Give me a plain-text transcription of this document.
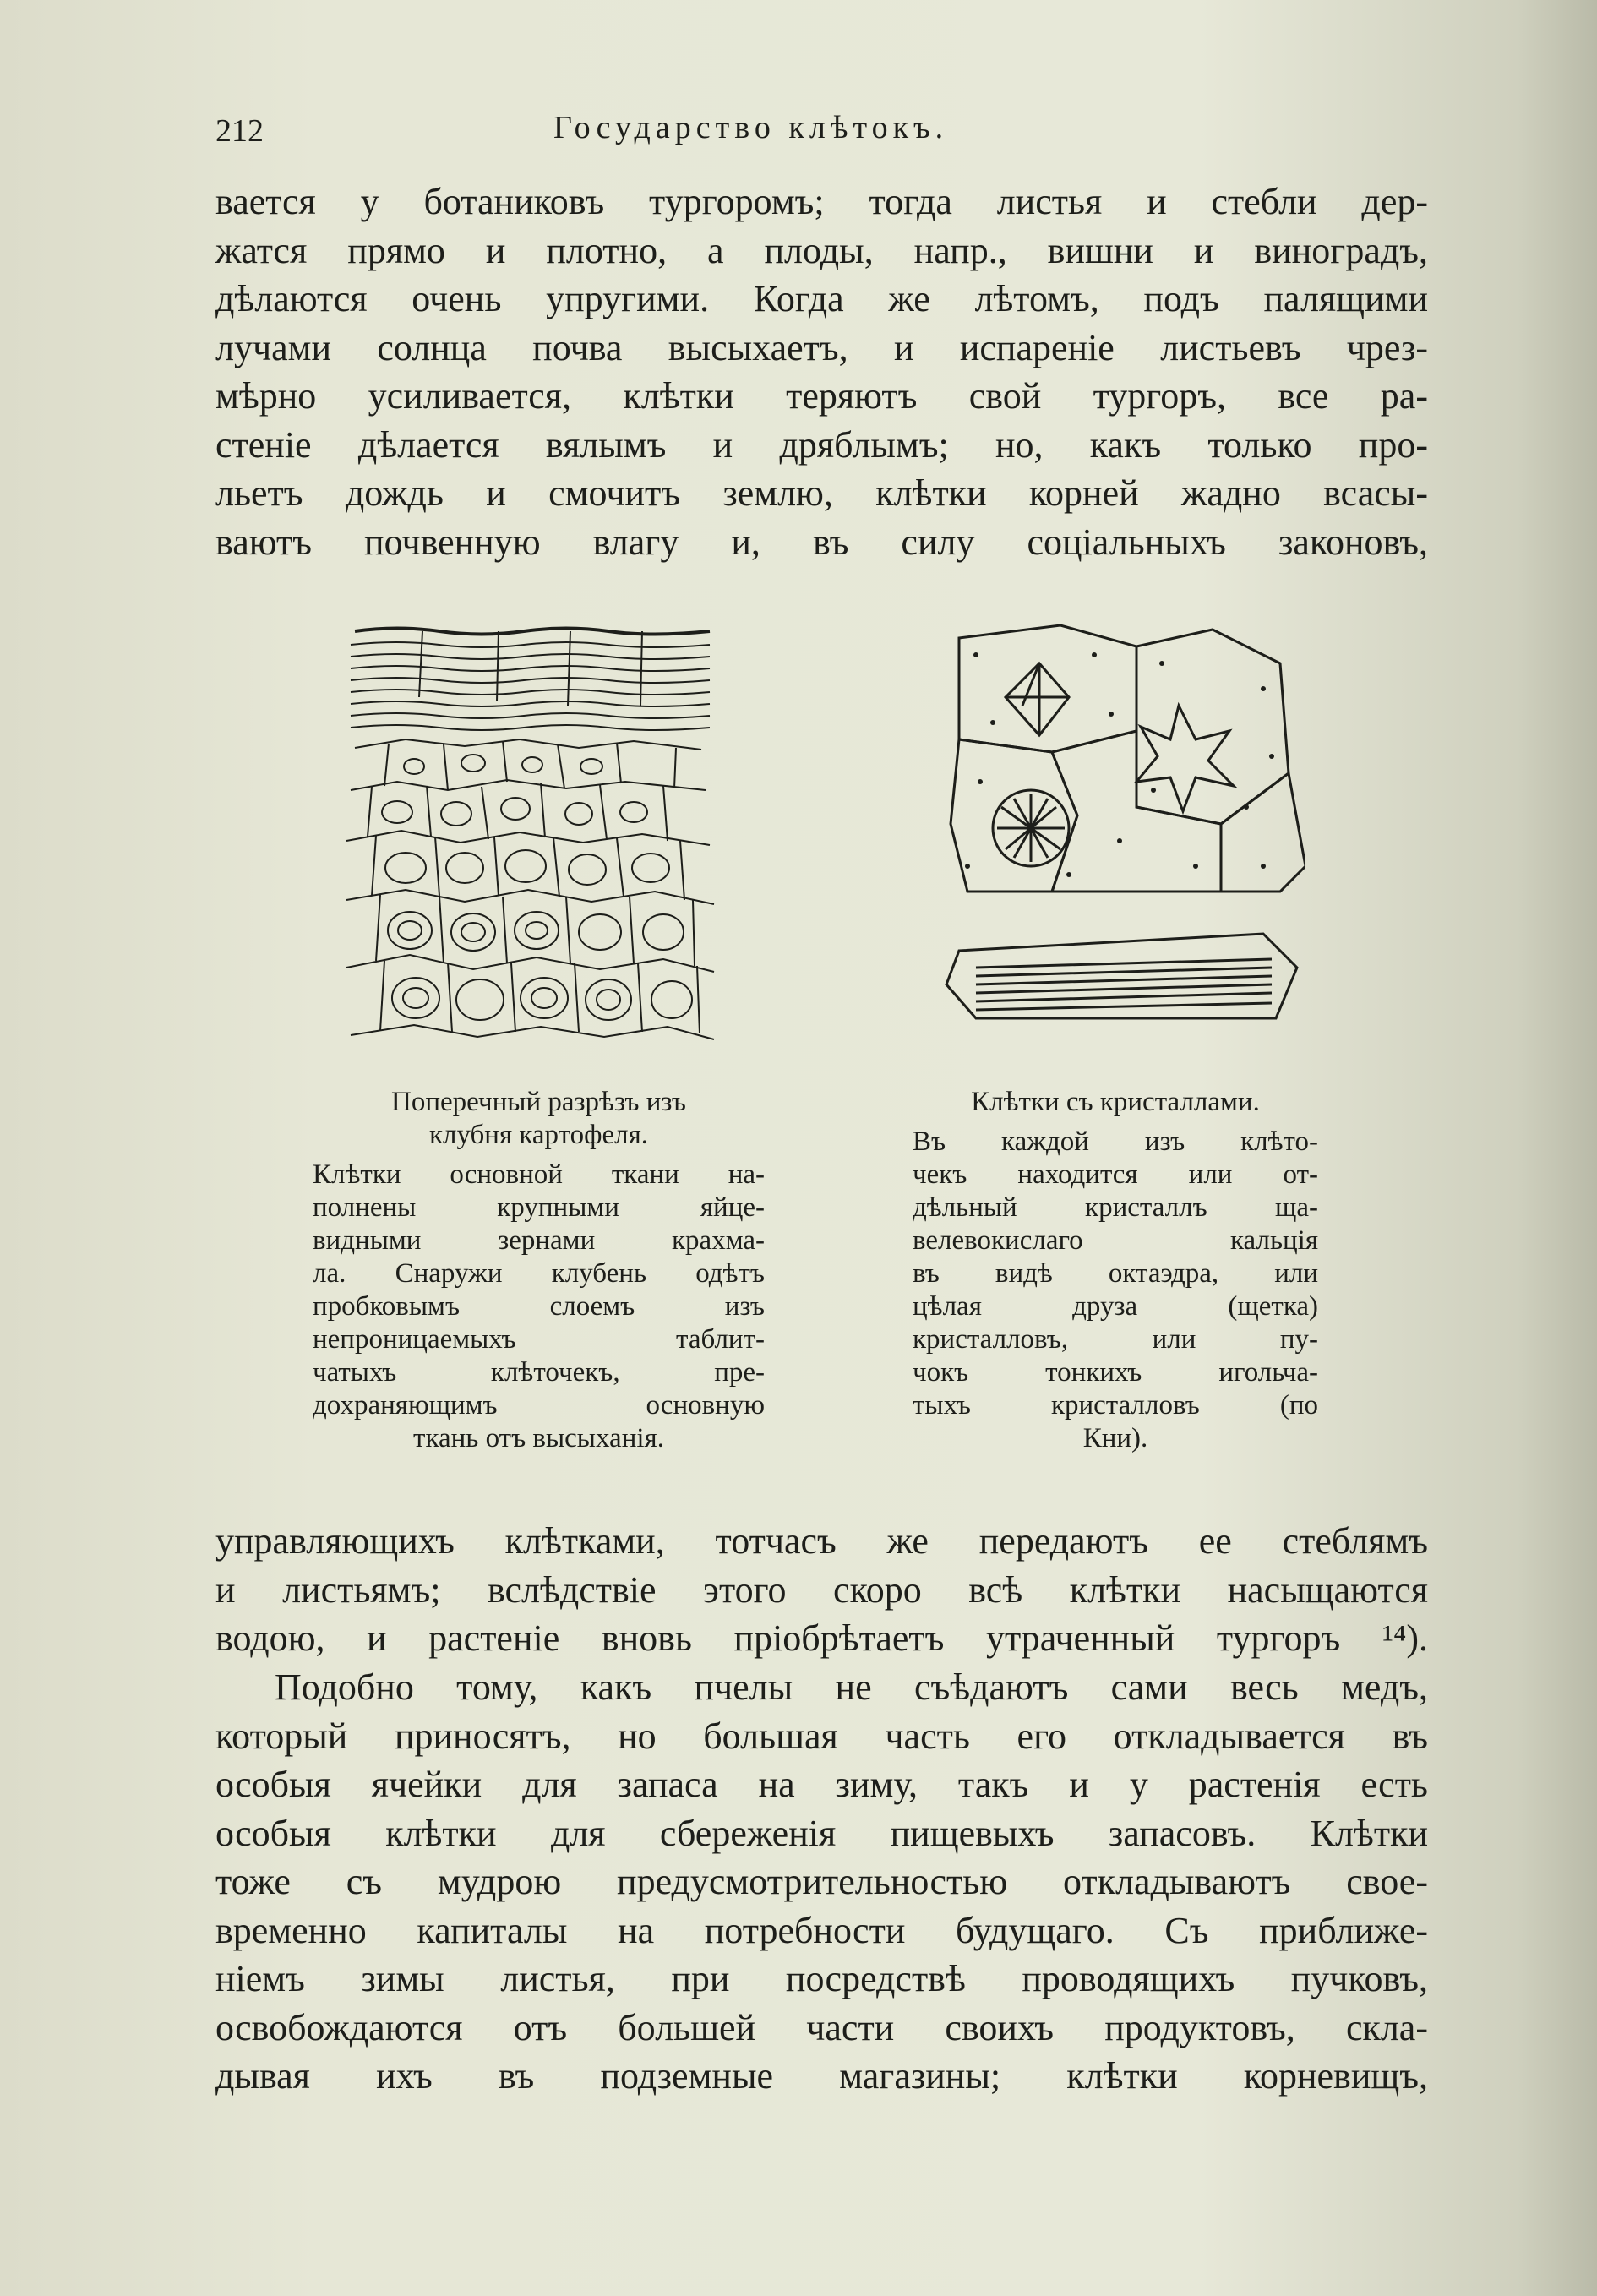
212	Государство клѣтокъ.
вается у ботаниковъ тургоромъ; тогда листья и стебли дер-
жатся прямо и плотно, а плоды, напр., вишни и виноградъ,
дѣлаются очень упругими. Когда же лѣтомъ, подъ палящими
лучами солнца почва высыхаетъ, и испареніе листьевъ чрез-
мѣрно усиливается, клѣтки теряютъ свой тургоръ, все ра-
стеніе дѣлается вялымъ и дряблымъ; но, какъ только про-
льетъ дождь и смочитъ землю, клѣтки корней жадно всасы-
ваютъ почвенную влагу и, въ силу соціальныхъ законовъ,
Поперечный разрѣзъ изъ
клубня картофеля.
Клѣтки основной ткани на-
полнены крупными яйце-
видными зернами крахма-
ла. Снаружи клубень одѣтъ
пробковымъ слоемъ изъ
непроницаемыхъ таблит-
чатыхъ клѣточекъ, пре-
дохраняющимъ основную
ткань отъ высыханія.
Клѣтки съ кристаллами.
Въ каждой изъ клѣто-
чекъ находится или от-
дѣльный кристаллъ ща-
велевокислаго кальція
въ видѣ октаэдра, или
цѣлая друза (щетка)
кристалловъ, или пу-
чокъ тонкихъ игольча-
тыхъ кристалловъ (по
Кни).
управляющихъ клѣтками, тотчасъ же передаютъ ее стеблямъ
и листьямъ; вслѣдствіе этого скоро всѣ клѣтки насыщаются
водою, и растеніе вновь пріобрѣтаетъ утраченный тургоръ ¹⁴).
Подобно тому, какъ пчелы не съѣдаютъ сами весь медъ,
который приносятъ, но большая часть его откладывается въ
особыя ячейки для запаса на зиму, такъ и у растенія есть
особыя клѣтки для сбереженія пищевыхъ запасовъ. Клѣтки
тоже съ мудрою предусмотрительностью откладываютъ свое-
временно капиталы на потребности будущаго. Съ приближе-
ніемъ зимы листья, при посредствѣ проводящихъ пучковъ,
освобождаются отъ большей части своихъ продуктовъ, скла-
дывая ихъ въ подземные магазины; клѣтки корневищъ,
